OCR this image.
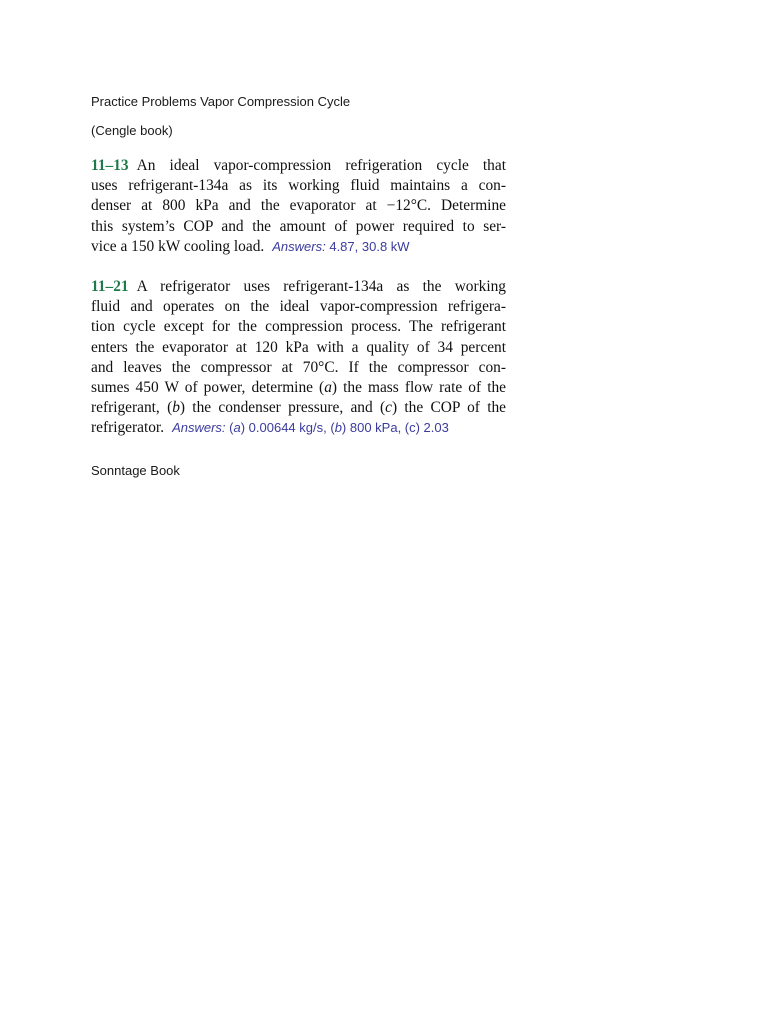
Practice Problems Vapor Compression Cycle
(Cengle book)
11–13 An ideal vapor-compression refrigeration cycle that
uses refrigerant-134a as its working fluid maintains a con-
denser at 800 kPa and the evaporator at −12°C. Determine
this system’s COP and the amount of power required to ser-
vice a 150 kW cooling load. Answers: 4.87, 30.8 kW
11–21 A refrigerator uses refrigerant-134a as the working
fluid and operates on the ideal vapor-compression refrigera-
tion cycle except for the compression process. The refrigerant
enters the evaporator at 120 kPa with a quality of 34 percent
and leaves the compressor at 70°C. If the compressor con-
sumes 450 W of power, determine (a) the mass flow rate of the
refrigerant, (b) the condenser pressure, and (c) the COP of the
refrigerator. Answers: (a) 0.00644 kg/s, (b) 800 kPa, (c) 2.03
Sonntage Book
